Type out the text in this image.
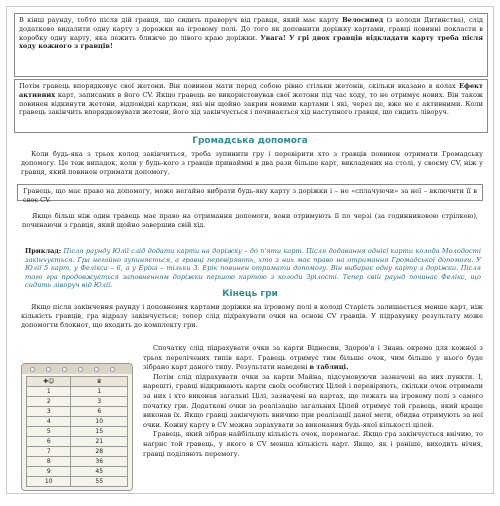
В кінці раунду, тобто після дій гравця, що сидить праворуч від гравця, який має карту Велосипед (з колоди Дитинства), слід додатково видалити одну карту з дорожки на ігровому полі. До того як доповнити доріжку картами, гравці повинні покласти в коробку одну карту, яка лежить ближче до лівого краю доріжки. Увага! У грі двох гравців відкладати карту треба після ходу кожного з гравців!

Потім гравець впорядковує свої жетони. Він повинен мати перед собою рівно стільки жетонів, скільки вказано в колах Ефект активних карт, записаних в його CV. Якщо гравець не використовував свої жетони під час ходу, то не отримує нових. Він також повинен відкинути жетони, відповідні карткам, які він щойно закрив новими картами і які, через це, вже не є активними. Коли гравець закінчить впорядковувати жетони, його хід закінчується і починається хід наступного гравця, що сидить ліворуч.

Громадська допомога

Коли будь-яка з трьох колод закінчиться, треба зупинити гру і перевірити хто з гравців повинен отримати Громадську допомогу. Це теж випадок, коли у будь-кого з гравців принаймні в два рази більше карт, викладених на столі, у своєму CV, ніж у гравця, який повинен отримати допомогу.

Гравець, що має право на допомогу, може негайно вибрати будь-яку карту з доріжки і – не «сплачуючи» за неї – включити її в своє CV.
Якщо більш ніж один гравець має право на отримання допомоги, вони отримують її по черзі (за годинниковою стрілкою), починаючи з гравця, який щойно завершив свій хід.
Приклад: Після раунду Юлії слід додати карти на доріжку – до п'яти карт. Після додавання однієї карти колода Молодості закінчується. Гра негайно зупиняється, а гравці перевіряють, хто з них має право на отримання Громадської допомоги. У Юлії 5 карт, у Фелікса – 6, а у Еріка – тільки 3. Ерік повинен отримати допомогу. Він вибирає одну карту з доріжки. Після того гра продовжується заповненням доріжки першою картою з колоди Зрілості. Тепер свій раунд починає Фелікс, що сидить ліворуч від Юлії.
Кінець гри

Якщо після закінчення раунду і доповнення картами доріжки на ігровому полі в колоді Старість залишається менше карт, ніж кількість гравців, гра відразу закінчується; тепер слід підрахувати очки на основі CV гравців. У підрахунку результату може допомогти блокнот, що входить до комплекту гри.

✚☺	♛
1	1
2	3
3	6
4	10
5	15
6	21
7	28
8	36
9	45
10	55

Спочатку слід підрахувати очки за карти Відносин, Здоров'я і Знань окремо для кожної з трьох перелічених типів карт. Гравець отримує тим більше очок, чим більше у нього буде зібрано карт даного типу. Результати наведені в таблиці.

Потім слід підрахувати очки за карти Майна, підсумовуючи зазначені на них пункти. І, нарешті, гравці відкривають карти своїх особистих Цілей і перевіряють, скільки очок отримали за них і хто виконав загальні Цілі, зазначені на картах, що лежать на ігровому полі з самого початку гри. Додаткові очки за реалізацію загальних Цілей отримує той гравець, який краще виконав їх. Якщо гравці закінчують вничию при реалізації даної мети, обидва отримують за неї очки. Кожну карту в CV можна зарахувати за виконання будь-якої кількості цілей.

Гравець, який зібрав найбільшу кількість очок, перемагає. Якщо гра закінчується внічию, то нагрис той гравець, у якого в CV менша кількість карт. Якщо, як і раніше, виходить нічия, гравці поділяють перемогу.
